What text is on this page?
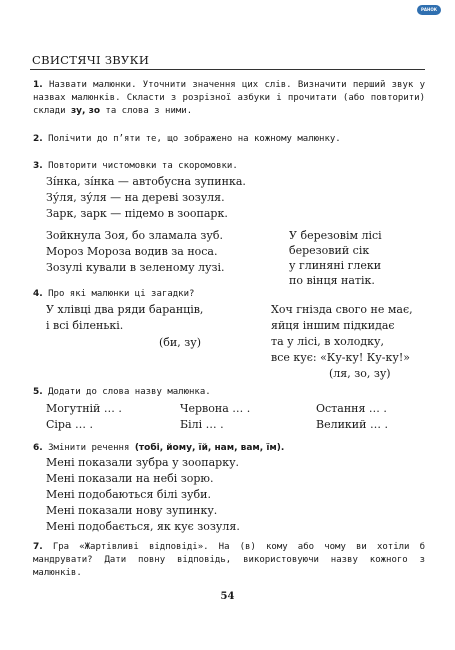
РАНОК
СВИСТЯЧІ ЗВУКИ
1. Назвати малюнки. Уточнити значення цих слів. Визначити перший звук у назвах малюнків. Скласти з розрізної азбуки і прочитати (або повторити) склади зу, зо та слова з ними.
2. Полічити до п’яти те, що зображено на кожному малюнку.
3. Повторити чистомовки та скоромовки.
Зі́нка, зі́нка — автобусна зупинка.
Зу́ля, зу́ля — на дереві зозуля.
Зарк, зарк — підемо в зоопарк.
Зойкнула Зоя, бо зламала зуб.
Мороз Мороза водив за носа.
Зозулі кували в зеленому лузі.
У березовім лісі
березовий сік
у глиняні глеки
по вінця натік.
4. Про які малюнки ці загадки?
У хлівці два ряди баранців,
і всі біленькі.
(би, зу)
Хоч гнізда свого не має,
яйця іншим підкидає
та у лісі, в холодку,
все кує: «Ку-ку! Ку-ку!»
(ля, зо, зу)
5. Додати до слова назву малюнка.
Могутній … .	Червона … .	Остання … .
Сіра … .	Білі … .	Великий … .
6. Змінити речення (тобі, йому, їй, нам, вам, їм).
Мені показали зубра у зоопарку.
Мені показали на небі зорю.
Мені подобаються білі зуби.
Мені показали нову зупинку.
Мені подобається, як кує зозуля.
7. Гра «Жартівливі відповіді». На (в) кому або чому ви хотіли б мандрувати? Дати повну відповідь, використовуючи назву кожного з малюнків.
54
